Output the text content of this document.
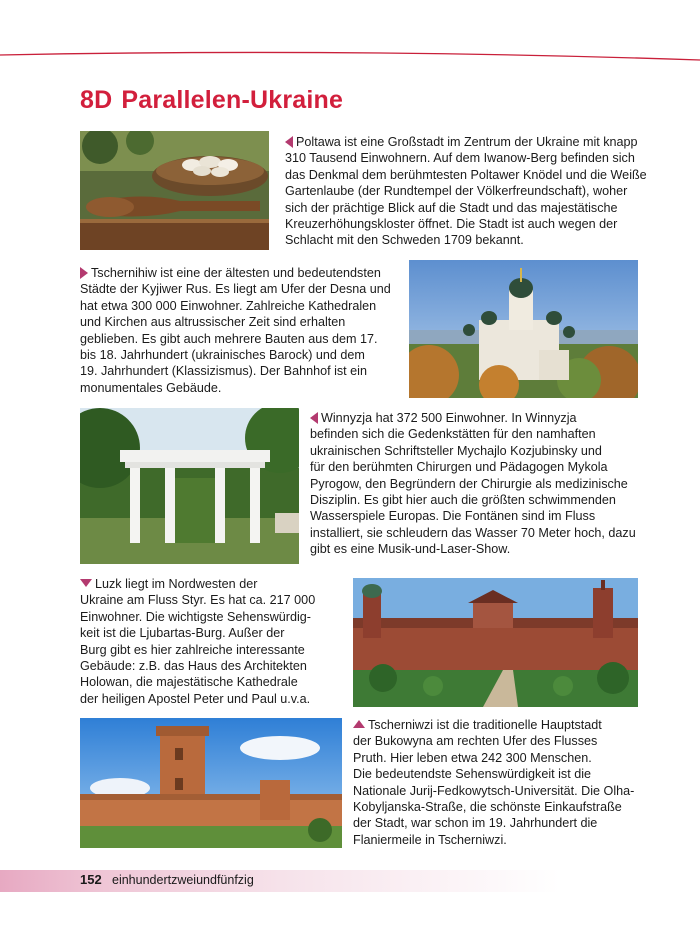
8D Parallelen-Ukraine

Poltawa ist eine Großstadt im Zentrum der Ukraine mit knapp
310 Tausend Einwohnern. Auf dem Iwanow-Berg befinden sich
das Denkmal dem berühmtesten Poltawer Knödel und die Weiße
Gartenlaube (der Rundtempel der Völkerfreundschaft), woher
sich der prächtige Blick auf die Stadt und das majestätische
Kreuzerhöhungskloster öffnet. Die Stadt ist auch wegen der
Schlacht mit den Schweden 1709 bekannt.

Tschernihiw ist eine der ältesten und bedeutendsten
Städte der Kyjiwer Rus. Es liegt am Ufer der Desna und
hat etwa 300 000 Einwohner. Zahlreiche Kathedralen
und Kirchen aus altrussischer Zeit sind erhalten
geblieben. Es gibt auch mehrere Bauten aus dem 17.
bis 18. Jahrhundert (ukrainisches Barock) und dem
19. Jahrhundert (Klassizismus). Der Bahnhof ist ein
monumentales Gebäude.

Winnyzja hat 372 500 Einwohner. In Winnyzja
befinden sich die Gedenkstätten für den namhaften
ukrainischen Schriftsteller Mychajlo Kozjubinsky und
für den berühmten Chirurgen und Pädagogen Mykola
Pyrogow, den Begründern der Chirurgie als medizinische
Disziplin. Es gibt hier auch die größten schwimmenden
Wasserspiele Europas. Die Fontänen sind im Fluss
installiert, sie schleudern das Wasser 70 Meter hoch, dazu
gibt es eine Musik-und-Laser-Show.

Luzk liegt im Nordwesten der
Ukraine am Fluss Styr. Es hat ca. 217 000
Einwohner. Die wichtigste Sehenswürdig-
keit ist die Ljubartas-Burg. Außer der
Burg gibt es hier zahlreiche interessante
Gebäude: z.B. das Haus des Architekten
Holowan, die majestätische Kathedrale
der heiligen Apostel Peter und Paul u.v.a.

Tscherniwzi ist die traditionelle Hauptstadt
der Bukowyna am rechten Ufer des Flusses
Pruth. Hier leben etwa 242 300 Menschen.
Die bedeutendste Sehenswürdigkeit ist die
Nationale Jurij-Fedkowytsch-Universität. Die Olha-
Kobyljanska-Straße, die schönste Einkaufstraße
der Stadt, war schon im 19. Jahrhundert die
Flaniermeile in Tscherniwzi.

152 einhundertzweiundfünfzig
